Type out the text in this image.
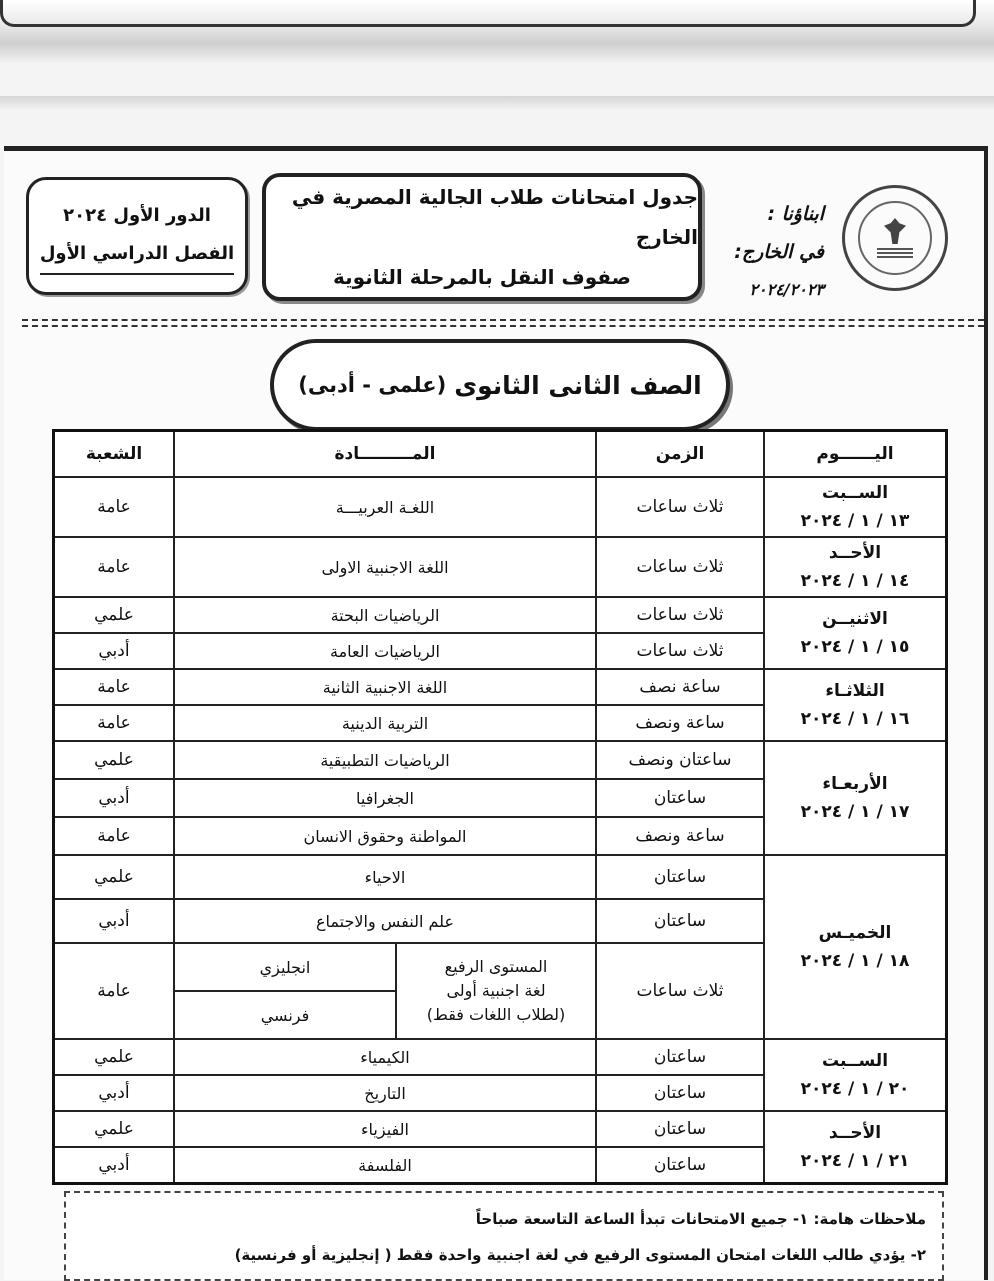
ابناؤنا :
في الخارج:
٢٠٢٤/٢٠٢٣
جدول امتحانات طلاب الجالية المصرية في الخارج
صفوف النقل بالمرحلة الثانوية
الدور الأول ٢٠٢٤
الفصل الدراسي الأول
الصف الثانى الثانوى
(علمى - أدبى)
اليــــــوم	الزمن	المـــــــــادة		الشعبة
الســبت
١٣ / ١ / ٢٠٢٤	ثلاث ساعات	اللغـة العربيـــة		عامة
الأحــد
١٤ / ١ / ٢٠٢٤	ثلاث ساعات	اللغة الاجنبية الاولى		عامة
الاثنيــن
١٥ / ١ / ٢٠٢٤	ثلاث ساعات	الرياضيات البحتة		علمي
	ثلاث ساعات	الرياضيات العامة		أدبي
الثلاثـاء
١٦ / ١ / ٢٠٢٤	ساعة نصف	اللغة الاجنبية الثانية		عامة
	ساعة ونصف	التربية الدينية		عامة
الأربعـاء
١٧ / ١ / ٢٠٢٤	ساعتان ونصف	الرياضيات التطبيقية		علمي
	ساعتان	الجغرافيا		أدبي
	ساعة ونصف	المواطنة وحقوق الانسان		عامة
الخميـس
١٨ / ١ / ٢٠٢٤	ساعتان	الاحياء		علمي
	ساعتان	علم النفس والاجتماع		أدبي
	ثلاث ساعات	المستوى الرفيع
لغة اجنبية أولى
(لطلاب اللغات فقط)	انجليزي	عامة
			فرنسي	
الســبت
٢٠ / ١ / ٢٠٢٤	ساعتان	الكيمياء		علمي
	ساعتان	التاريخ		أدبي
الأحــد
٢١ / ١ / ٢٠٢٤	ساعتان	الفيزياء		علمي
	ساعتان	الفلسفة		أدبي

ملاحظات هامة: ١- جميع الامتحانات تبدأ الساعة التاسعة صباحاً

٢- يؤدي طالب اللغات امتحان المستوى الرفيع في لغة اجنبية واحدة فقط ( إنجليزية أو فرنسية)
